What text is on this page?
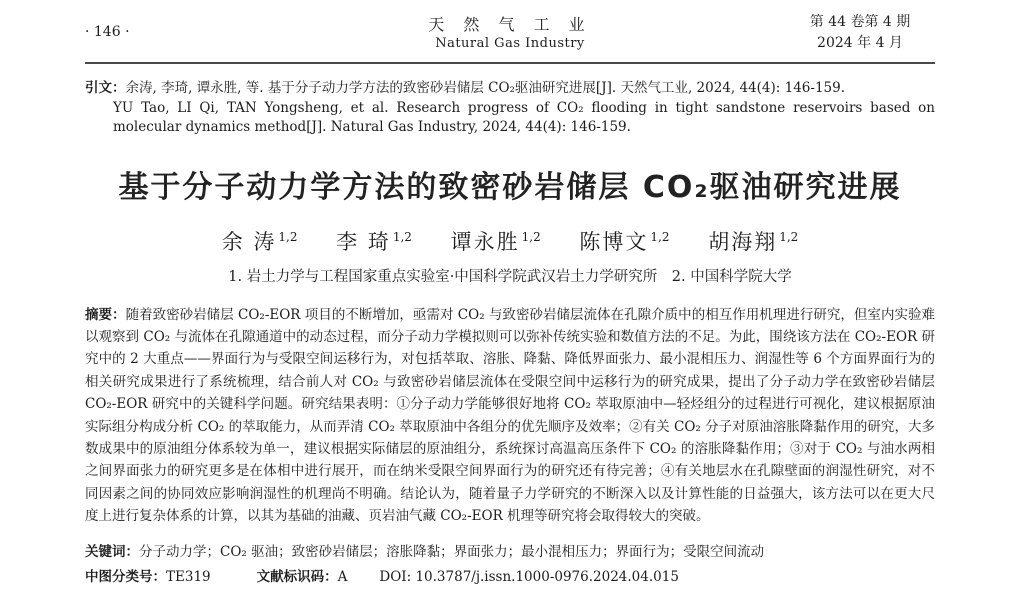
· 146 ·	天 然 气 工 业
Natural Gas Industry
第 44 卷第 4 期
2024 年 4 月
引文：余涛, 李琦, 谭永胜, 等. 基于分子动力学方法的致密砂岩储层 CO₂驱油研究进展[J]. 天然气工业, 2024, 44(4): 146-159.
YU Tao, LI Qi, TAN Yongsheng, et al. Research progress of CO₂ flooding in tight sandstone reservoirs based on molecular dynamics method[J]. Natural Gas Industry, 2024, 44(4): 146-159.
基于分子动力学方法的致密砂岩储层 CO₂驱油研究进展
余 涛 $^{1,2}$ 李 琦 $^{1,2}$ 谭永胜 $^{1,2}$ 陈博文 $^{1,2}$ 胡海翔 $^{1,2}$
1. 岩土力学与工程国家重点实验室·中国科学院武汉岩土力学研究所　2. 中国科学院大学

摘要：随着致密砂岩储层 CO₂-EOR 项目的不断增加，亟需对 CO₂ 与致密砂岩储层流体在孔隙介质中的相互作用机理进行研究，但室内实验难以观察到 CO₂ 与流体在孔隙通道中的动态过程，而分子动力学模拟则可以弥补传统实验和数值方法的不足。为此，围绕该方法在 CO₂-EOR 研究中的 2 大重点——界面行为与受限空间运移行为，对包括萃取、溶胀、降黏、降低界面张力、最小混相压力、润湿性等 6 个方面界面行为的相关研究成果进行了系统梳理，结合前人对 CO₂ 与致密砂岩储层流体在受限空间中运移行为的研究成果，提出了分子动力学在致密砂岩储层 CO₂-EOR 研究中的关键科学问题。研究结果表明：①分子动力学能够很好地将 CO₂ 萃取原油中—轻烃组分的过程进行可视化，建议根据原油实际组分构成分析 CO₂ 的萃取能力，从而弄清 CO₂ 萃取原油中各组分的优先顺序及效率；②有关 CO₂ 分子对原油溶胀降黏作用的研究，大多数成果中的原油组分体系较为单一，建议根据实际储层的原油组分，系统探讨高温高压条件下 CO₂ 的溶胀降黏作用；③对于 CO₂ 与油水两相之间界面张力的研究更多是在体相中进行展开，而在纳米受限空间界面行为的研究还有待完善；④有关地层水在孔隙壁面的润湿性研究，对不同因素之间的协同效应影响润湿性的机理尚不明确。结论认为，随着量子力学研究的不断深入以及计算性能的日益强大，该方法可以在更大尺度上进行复杂体系的计算，以其为基础的油藏、页岩油气藏 CO₂-EOR 机理等研究将会取得较大的突破。

关键词：分子动力学；CO₂ 驱油；致密砂岩储层；溶胀降黏；界面张力；最小混相压力；界面行为；受限空间流动

中图分类号： TE319	文献标识码： A DOI: 10.3787/j.issn.1000-0976.2024.04.015
